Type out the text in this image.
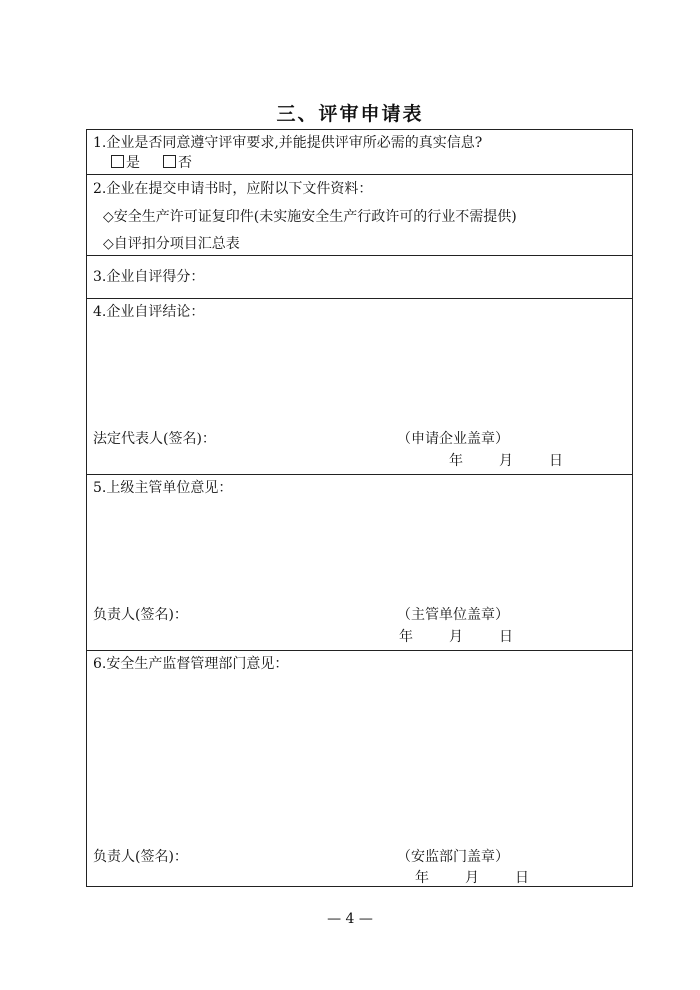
三、评审申请表
1.企业是否同意遵守评审要求,并能提供评审所必需的真实信息?
是	否
2.企业在提交申请书时，应附以下文件资料：
◇安全生产许可证复印件(未实施安全生产行政许可的行业不需提供)
◇自评扣分项目汇总表
3.企业自评得分：
4.企业自评结论：
法定代表人(签名)：	（申请企业盖章）
年	月	日
5.上级主管单位意见：
负责人(签名)：	（主管单位盖章）
年	月	日
6.安全生产监督管理部门意见：
负责人(签名)：	（安监部门盖章）
年	月	日
— 4 —
